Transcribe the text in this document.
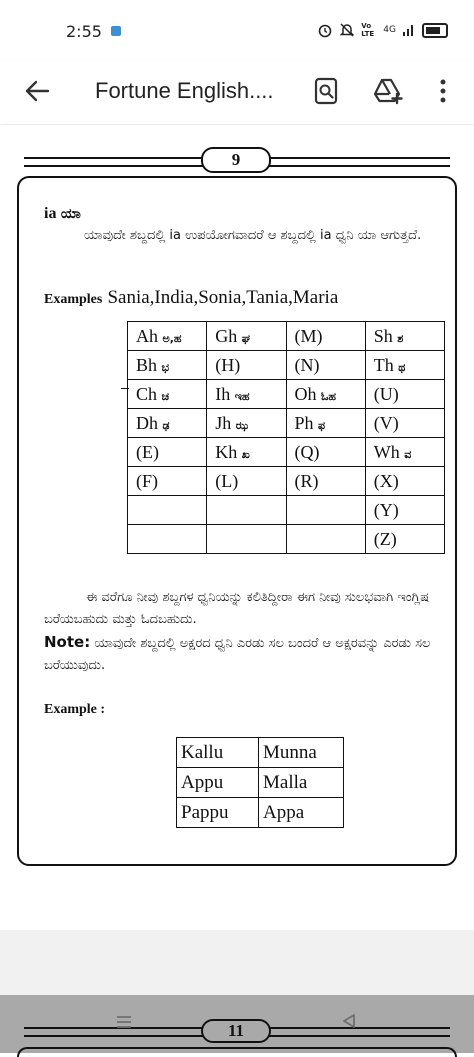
2:55	Vo LTE	4G
Fortune English....
9
ia ಯಾ
ಯಾವುದೇ ಶಬ್ದದಲ್ಲಿ ia ಉಪಯೋಗವಾದರೆ ಆ ಶಬ್ದದಲ್ಲಿ ia ಧ್ವನಿ ಯಾ ಆಗುತ್ತದೆ.
Examples Sania,India,Sonia,Tania,Maria
Ah ಅ,ಹ	Gh ಘ	(M)	Sh ಶ
Bh ಭ	(H)	(N)	Th ಥ
Ch ಚ	Ih ಇಹ	Oh ಓಹ	(U)
Dh ಢ	Jh ಝ	Ph ಫ	(V)
(E)	Kh ಖ	(Q)	Wh ವ
(F)	(L)	(R)	(X)
			(Y)
			(Z)
ಈ ವರೆಗೂ ನೀವು ಶಬ್ದಗಳ ಧ್ವನಿಯನ್ನು ಕಲಿತಿದ್ದೀರಾ ಈಗ ನೀವು ಸುಲಭವಾಗಿ ಇಂಗ್ಲಿಷ ಬರೆಯಬಹುದು ಮತ್ತು ಓದಬಹುದು.
Note: ಯಾವುದೇ ಶಬ್ದದಲ್ಲಿ ಅಕ್ಷರದ ಧ್ವನಿ ಎರಡು ಸಲ ಬಂದರೆ ಆ ಅಕ್ಷರವನ್ನು ಎರಡು ಸಲ ಬರೆಯುವುದು.
Example :
Kallu	Munna
Appu	Malla
Pappu	Appa
11
